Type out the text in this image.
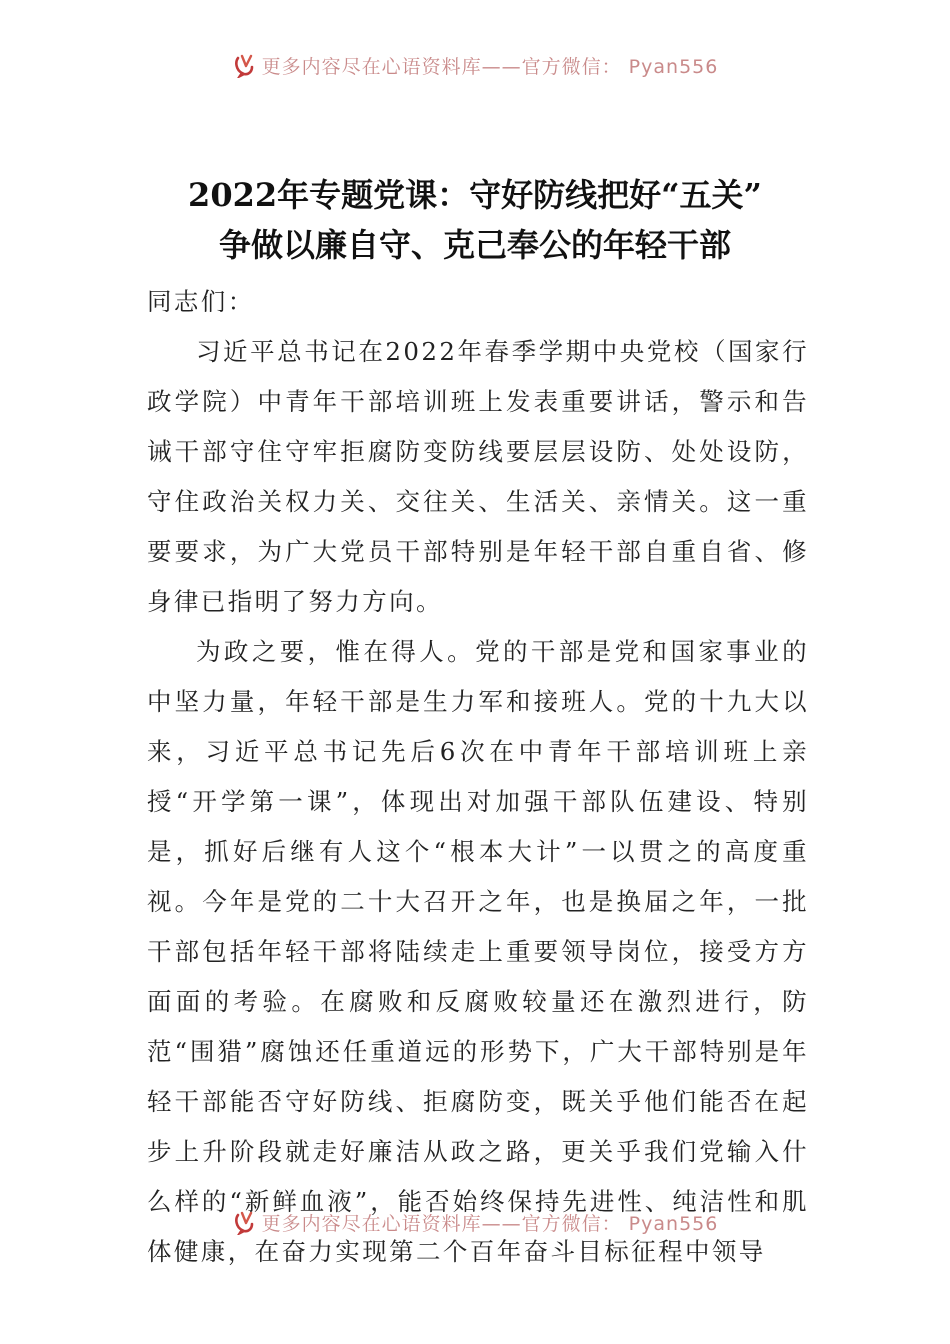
更多内容尽在心语资料库——官方微信： Pyan556
2022年专题党课：守好防线把好“五关”
争做以廉自守、克己奉公的年轻干部

同志们：

习近平总书记在2022年春季学期中央党校（国家行政学院）中青年干部培训班上发表重要讲话，警示和告诫干部守住守牢拒腐防变防线要层层设防、处处设防，守住政治关权力关、交往关、生活关、亲情关。这一重要要求，为广大党员干部特别是年轻干部自重自省、修身律已指明了努力方向。

为政之要，惟在得人。党的干部是党和国家事业的中坚力量，年轻干部是生力军和接班人。党的十九大以来，习近平总书记先后6次在中青年干部培训班上亲授“开学第一课”，体现出对加强干部队伍建设、特别是，抓好后继有人这个“根本大计”一以贯之的高度重视。今年是党的二十大召开之年，也是换届之年，一批干部包括年轻干部将陆续走上重要领导岗位，接受方方面面的考验。在腐败和反腐败较量还在激烈进行，防范“围猎”腐蚀还任重道远的形势下，广大干部特别是年轻干部能否守好防线、拒腐防变，既关乎他们能否在起步上升阶段就走好廉洁从政之路，更关乎我们党输入什么样的“新鲜血液”，能否始终保持先进性、纯洁性和肌体健康，在奋力实现第二个百年奋斗目标征程中领导

更多内容尽在心语资料库——官方微信： Pyan556
